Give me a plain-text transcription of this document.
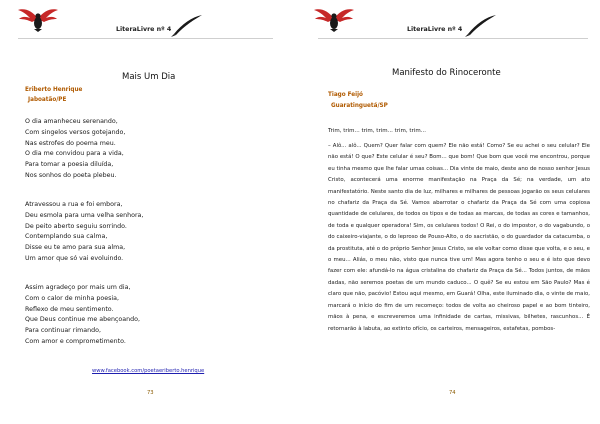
LiteraLivre nº 4
Mais Um Dia
Eriberto Henrique
Jaboatão/PE
O dia amanheceu serenando,
Com singelos versos gotejando,
Nas estrofes do poema meu.
O dia me convidou para a vida,
Para tomar a poesia diluída,
Nos sonhos do poeta plebeu.
Atravessou a rua e foi embora,
Deu esmola para uma velha senhora,
De peito aberto seguiu sorrindo.
Contemplando sua calma,
Disse eu te amo para sua alma,
Um amor que só vai evoluindo.
Assim agradeço por mais um dia,
Com o calor de minha poesia,
Reflexo de meu sentimento.
Que Deus continue me abençoando,
Para continuar rimando,
Com amor e comprometimento.
www.facebook.com/poetaeriberto.henrique
73
LiteraLivre nº 4
Manifesto do Rinoceronte
Tiago Feijó
Guaratinguetá/SP
Trim, trim... trim, trim... trim, trim...
– Alô... alô... Quem? Quer falar com quem? Ele não está! Como? Se eu achei o seu celular? Ele não está! O que? Este celular é seu? Bom... que bom! Que bom que você me encontrou, porque eu tinha mesmo que lhe falar umas coisas... Dia vinte de maio, deste ano de nosso senhor Jesus Cristo, acontecerá uma enorme manifestação na Praça da Sé; na verdade, um ato manifestatório. Neste santo dia de luz, milhares e milhares de pessoas jogarão os seus celulares no chafariz da Praça da Sé. Vamos abarrotar o chafariz da Praça da Sé com uma copiosa quantidade de celulares, de todos os tipos e de todas as marcas, de todas as cores e tamanhos, de toda e qualquer operadora! Sim, os celulares todos! O Rei, o do impostor, o do vagabundo, o do caixeiro-viajante, o do leproso de Pouso-Alto, o do sacristão, o do guardador da catacumba, o da prostituta, até o do próprio Senhor Jesus Cristo, se ele voltar como disse que volta, e o seu, e o meu... Aliás, o meu não, visto que nunca tive um! Mas agora tenho o seu e é isto que devo fazer com ele: afundá-lo na água cristalina do chafariz da Praça da Sé... Todos juntos, de mãos dadas, não seremos poetas de um mundo caduco... O quê? Se eu estou em São Paulo? Mas é claro que não, pacóvio! Estou aqui mesmo, em Guará! Olha, este iluminado dia, o vinte de maio, marcará o início do fim de um recomeço: todos de volta ao cheiroso papel e ao bom tinteiro, mãos à pena, e escreveremos uma infinidade de cartas, missivas, bilhetes, rascunhos... É retornarão à labuta, ao extinto ofício, os carteiros, mensageiros, estafetas, pombos-
74
